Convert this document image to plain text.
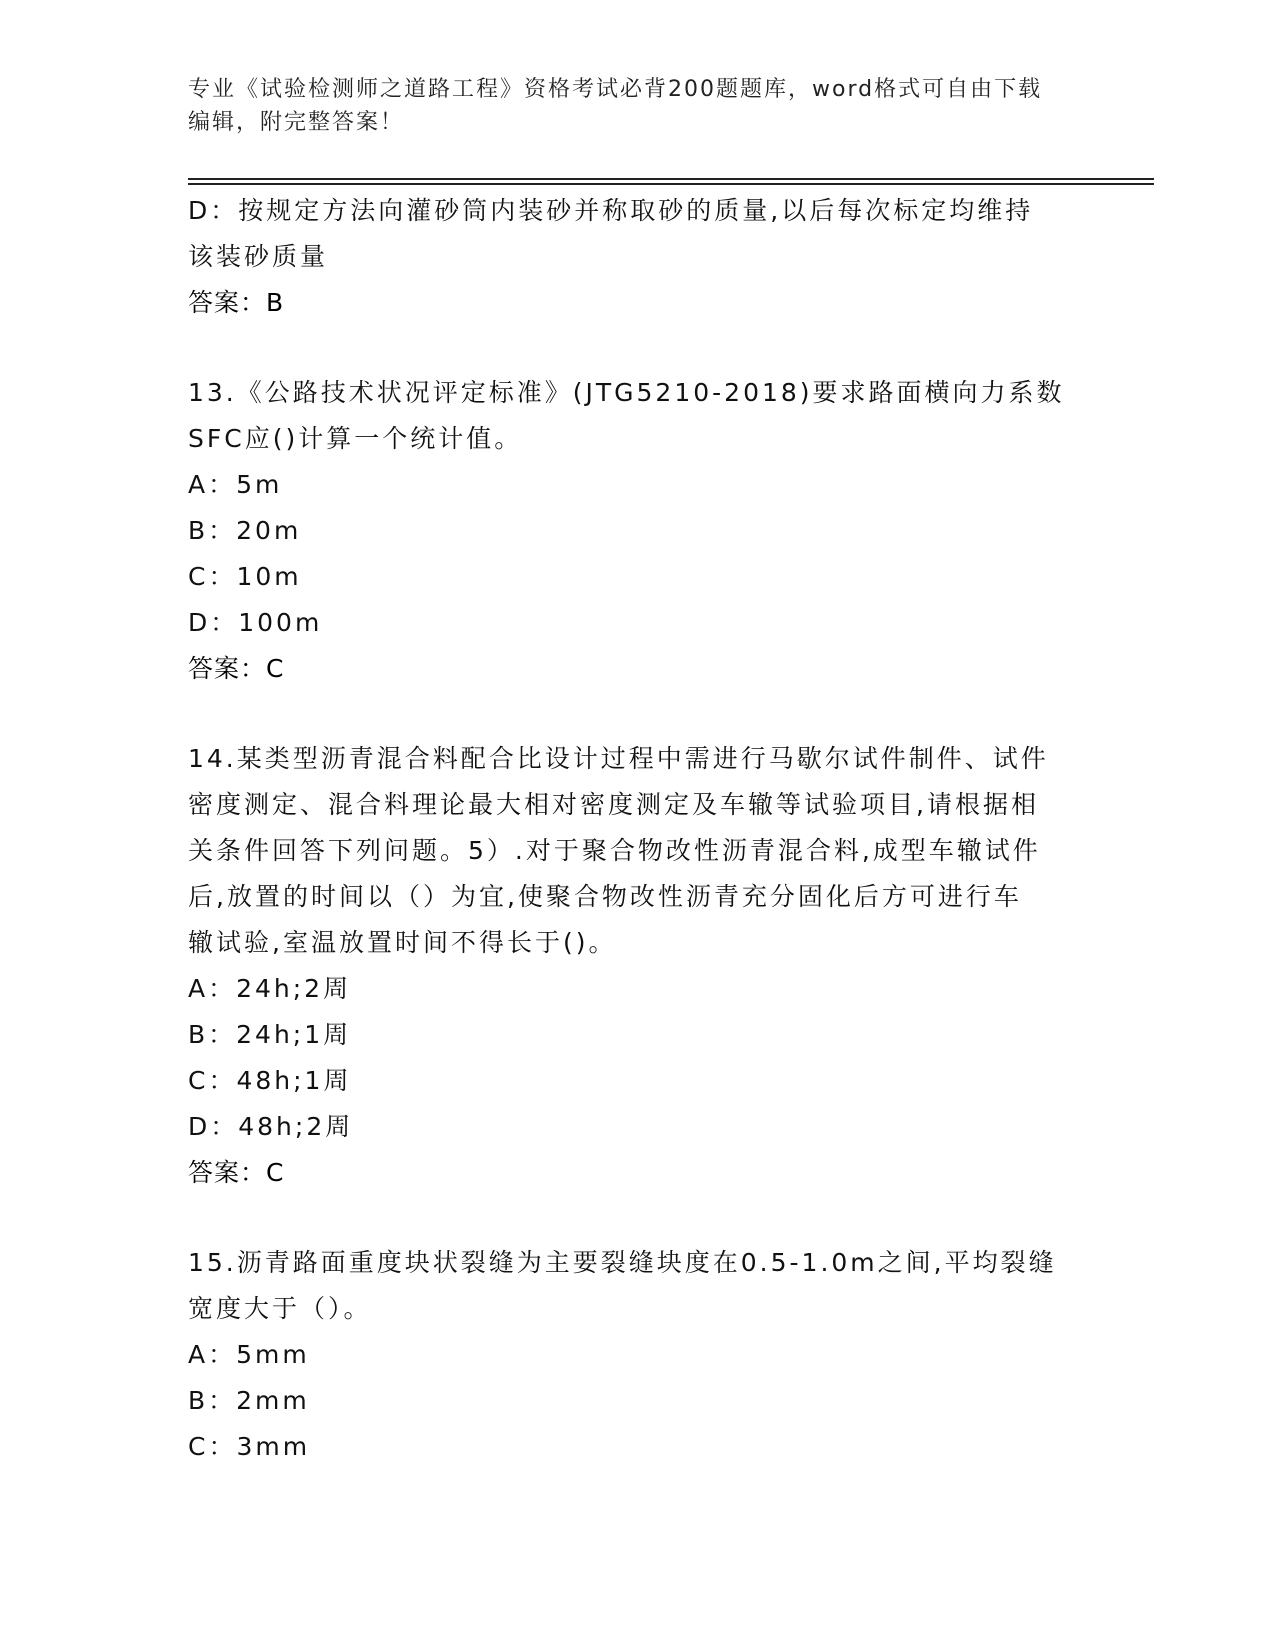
专业《试验检测师之道路工程》资格考试必背200题题库，word格式可自由下载
编辑，附完整答案！
D：按规定方法向灌砂筒内装砂并称取砂的质量,以后每次标定均维持
该装砂质量
答案：B
13.《公路技术状况评定标准》(JTG5210-2018)要求路面横向力系数
SFC应()计算一个统计值。
A：5m
B：20m
C：10m
D：100m
答案：C
14.某类型沥青混合料配合比设计过程中需进行马歇尔试件制件、试件
密度测定、混合料理论最大相对密度测定及车辙等试验项目,请根据相
关条件回答下列问题。5）.对于聚合物改性沥青混合料,成型车辙试件
后,放置的时间以（）为宜,使聚合物改性沥青充分固化后方可进行车
辙试验,室温放置时间不得长于()。
A：24h;2周
B：24h;1周
C：48h;1周
D：48h;2周
答案：C
15.沥青路面重度块状裂缝为主要裂缝块度在0.5-1.0m之间,平均裂缝
宽度大于（）。
A：5mm
B：2mm
C：3mm
